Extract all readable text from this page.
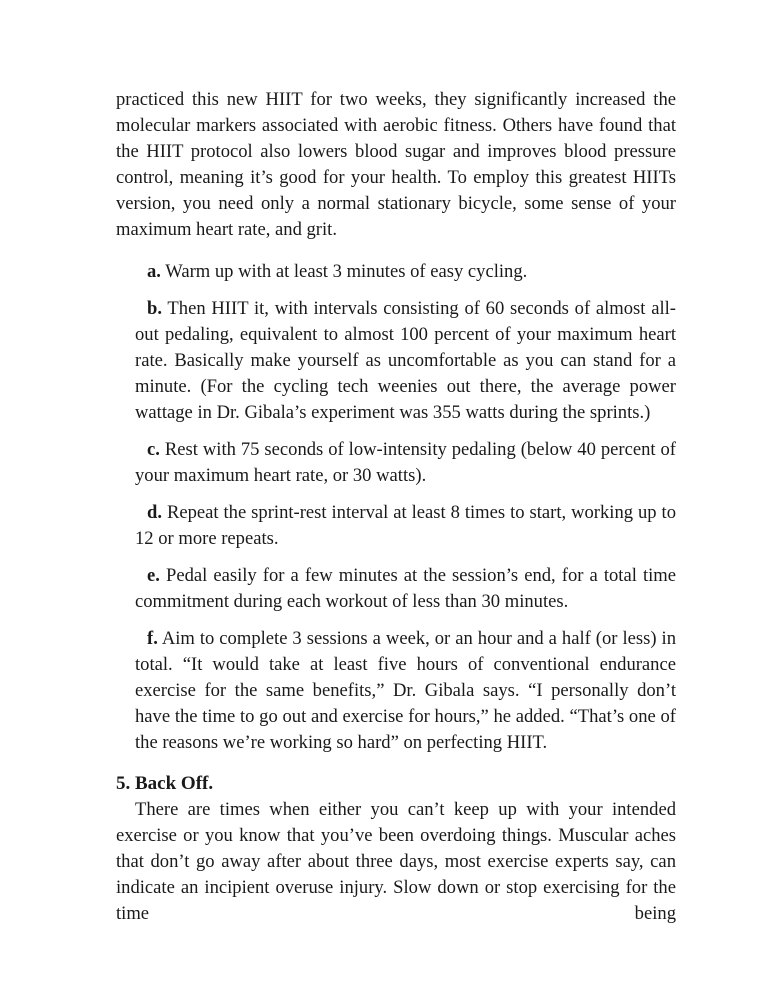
practiced this new HIIT for two weeks, they significantly increased the molecular markers associated with aerobic fitness. Others have found that the HIIT protocol also lowers blood sugar and improves blood pressure control, meaning it’s good for your health. To employ this greatest HIITs version, you need only a normal stationary bicycle, some sense of your maximum heart rate, and grit.

a. Warm up with at least 3 minutes of easy cycling.

b. Then HIIT it, with intervals consisting of 60 seconds of almost all-out pedaling, equivalent to almost 100 percent of your maximum heart rate. Basically make yourself as uncomfortable as you can stand for a minute. (For the cycling tech weenies out there, the average power wattage in Dr. Gibala’s experiment was 355 watts during the sprints.)

c. Rest with 75 seconds of low-intensity pedaling (below 40 percent of your maximum heart rate, or 30 watts).

d. Repeat the sprint-rest interval at least 8 times to start, working up to 12 or more repeats.

e. Pedal easily for a few minutes at the session’s end, for a total time commitment during each workout of less than 30 minutes.

f. Aim to complete 3 sessions a week, or an hour and a half (or less) in total. “It would take at least five hours of conventional endurance exercise for the same benefits,” Dr. Gibala says. “I personally don’t have the time to go out and exercise for hours,” he added. “That’s one of the reasons we’re working so hard” on perfecting HIIT.

5. Back Off.

There are times when either you can’t keep up with your intended exercise or you know that you’ve been overdoing things. Muscular aches that don’t go away after about three days, most exercise experts say, can indicate an incipient overuse injury. Slow down or stop exercising for the time being
